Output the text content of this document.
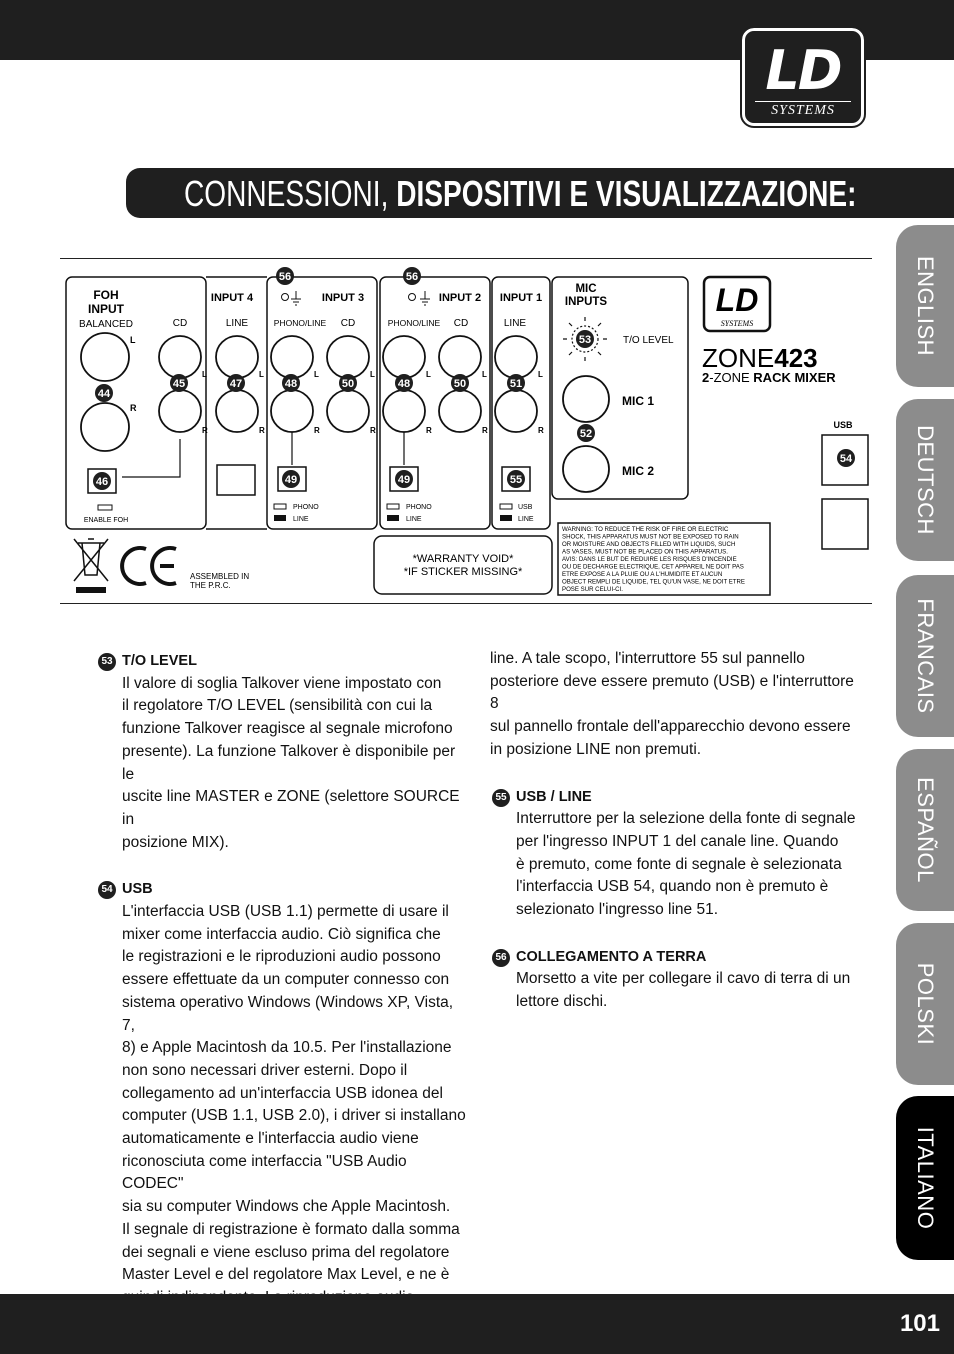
LD
SYSTEMS
CONNESSIONI, DISPOSITIVI E VISUALIZZAZIONE:
ENGLISH
DEUTSCH
FRANCAIS
ESPAÑOL
POLSKI
ITALIANO
FOH
INPUT
BALANCED
L
R
ENABLE FOH
INPUT 4
CD	LINE
L	L
R	R
INPUT 3
PHONO/LINE CD
L	L
R	R
PHONO
LINE
INPUT 2
PHONO/LINE CD
L	L
R	R
PHONO
LINE
INPUT 1
LINE
L
R
USB
LINE
MIC
INPUTS
T/O LEVEL
MIC 1
MIC 2
LD
SYSTEMS
ZONE423
2-ZONE RACK MIXER
USB
ASSEMBLED IN
THE P.R.C.
*WARRANTY VOID*
*IF STICKER MISSING*
WARNING: TO REDUCE THE RISK OF FIRE OR ELECTRIC
SHOCK, THIS APPARATUS MUST NOT BE EXPOSED TO RAIN
OR MOISTURE AND OBJECTS FILLED WITH LIQUIDS, SUCH
AS VASES, MUST NOT BE PLACED ON THIS APPARATUS.
AVIS: DANS LE BUT DE REDUIRE LES RISQUES D'INCENDIE
OU DE DECHARGE ELECTRIQUE, CET APPAREIL NE DOIT PAS
ETRE EXPOSE A LA PLUIE OU A L'HUMIDITE ET AUCUN
OBJECT REMPLI DE LIQUIDE, TEL QU'UN VASE, NE DOIT ETRE
POSE SUR CELUI-CI.
44
45	47	48	50	48	50	51
46	49	49	55
56	56
53
52
54
53 T/O LEVEL

Il valore di soglia Talkover viene impostato con
il regolatore T/O LEVEL (sensibilità con cui la
funzione Talkover reagisce al segnale microfono
presente). La funzione Talkover è disponibile per le
uscite line MASTER e ZONE (selettore SOURCE in
posizione MIX).

54 USB

L'interfaccia USB (USB 1.1) permette di usare il
mixer come interfaccia audio. Ciò significa che
le registrazioni e le riproduzioni audio possono
essere effettuate da un computer connesso con
sistema operativo Windows (Windows XP, Vista, 7,
8) e Apple Macintosh da 10.5. Per l'installazione
non sono necessari driver esterni. Dopo il
collegamento ad un'interfaccia USB idonea del
computer (USB 1.1, USB 2.0), i driver si installano
automaticamente e l'interfaccia audio viene
riconosciuta come interfaccia "USB Audio CODEC"
sia su computer Windows che Apple Macintosh.
Il segnale di registrazione è formato dalla somma
dei segnali e viene escluso prima del regolatore
Master Level e del regolatore Max Level, e ne è

line. A tale scopo, l'interruttore 55 sul pannello
posteriore deve essere premuto (USB) e l'interruttore 8
sul pannello frontale dell'apparecchio devono essere
in posizione LINE non premuti.

55 USB / LINE

Interruttore per la selezione della fonte di segnale
per l'ingresso INPUT 1 del canale line. Quando
è premuto, come fonte di segnale è selezionata
l'interfaccia USB 54, quando non è premuto è
selezionato l'ingresso line 51.

56 COLLEGAMENTO A TERRA

Morsetto a vite per collegare il cavo di terra di un
lettore dischi.

101
